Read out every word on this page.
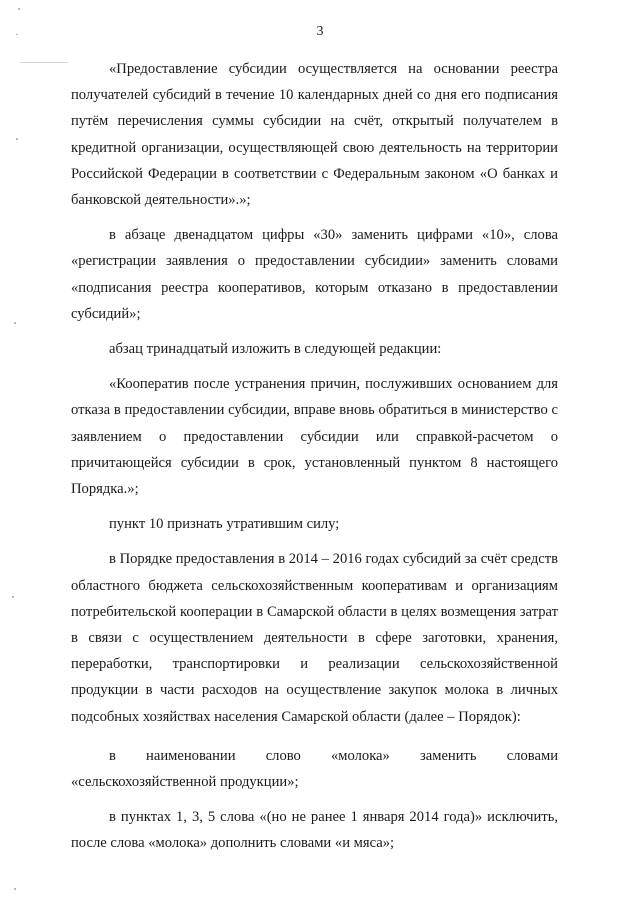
3

«Предоставление субсидии осуществляется на основании реестра получателей субсидий в течение 10 календарных дней со дня его подписания путём перечисления суммы субсидии на счёт, открытый получателем в кредитной организации, осуществляющей свою деятельность на территории Российской Федерации в соответствии с Федеральным законом «О банках и банковской деятельности».»;

в абзаце двенадцатом цифры «30» заменить цифрами «10», слова «регистрации заявления о предоставлении субсидии» заменить словами «подписания реестра кооперативов, которым отказано в предоставлении субсидий»;

абзац тринадцатый изложить в следующей редакции:

«Кооператив после устранения причин, послуживших основанием для отказа в предоставлении субсидии, вправе вновь обратиться в министерство с заявлением о предоставлении субсидии или справкой-расчетом о причитающейся субсидии в срок, установленный пунктом 8 настоящего Порядка.»;

пункт 10 признать утратившим силу;

в Порядке предоставления в 2014 – 2016 годах субсидий за счёт средств областного бюджета сельскохозяйственным кооперативам и организациям потребительской кооперации в Самарской области в целях возмещения затрат в связи с осуществлением деятельности в сфере заготовки, хранения, переработки, транспортировки и реализации сельскохозяйственной продукции в части расходов на осуществление закупок молока в личных подсобных хозяйствах населения Самарской области (далее – Порядок):

в наименовании слово «молока» заменить словами «сельскохозяйственной продукции»;

в пунктах 1, 3, 5 слова «(но не ранее 1 января 2014 года)» исключить, после слова «молока» дополнить словами «и мяса»;
